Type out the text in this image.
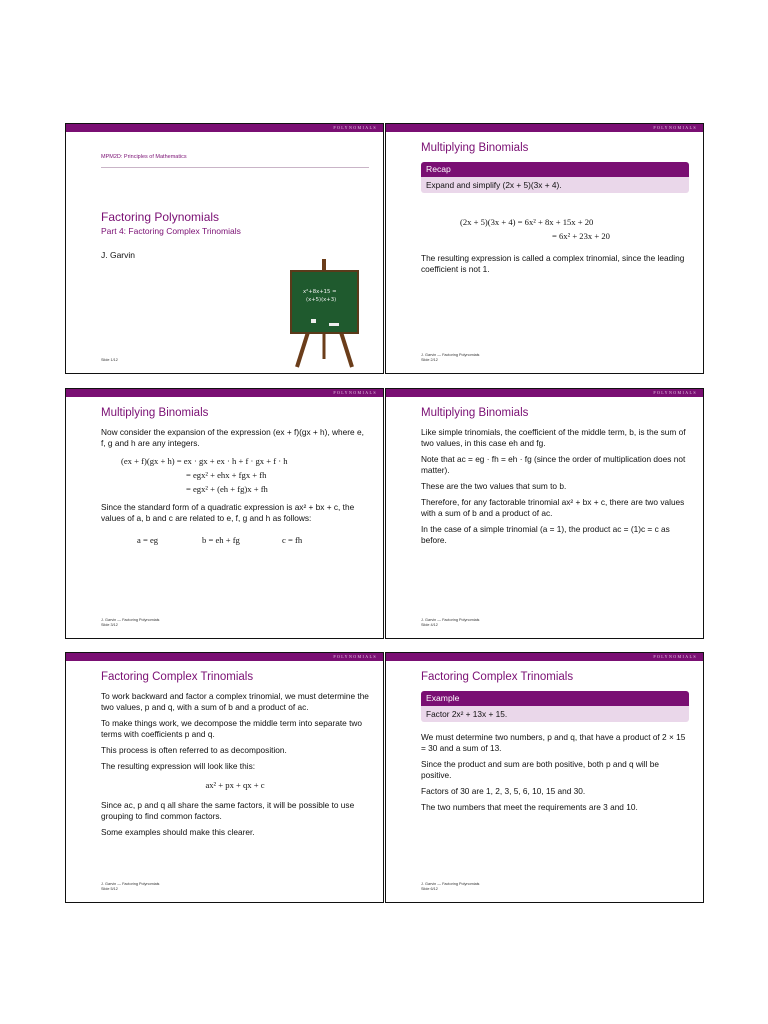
POLYNOMIALS
MPM2D: Principles of Mathematics
Factoring Polynomials
Part 4: Factoring Complex Trinomials
J. Garvin
x²+8x+15 =
(x+5)(x+3)
Slide 1/12
POLYNOMIALS
Multiplying Binomials
Recap
Expand and simplify (2x + 5)(3x + 4).
(2x + 5)(3x + 4) = 6x² + 8x + 15x + 20
= 6x² + 23x + 20

The resulting expression is called a complex trinomial, since the leading coefficient is not 1.

J. Garvin — Factoring Polynomials
Slide 2/12
POLYNOMIALS
Multiplying Binomials

Now consider the expansion of the expression (ex + f)(gx + h), where e, f, g and h are any integers.

(ex + f)(gx + h) = ex · gx + ex · h + f · gx + f · h
= egx² + ehx + fgx + fh
= egx² + (eh + fg)x + fh

Since the standard form of a quadratic expression is ax² + bx + c, the values of a, b and c are related to e, f, g and h as follows:

a = eg	b = eh + fg	c = fh
J. Garvin — Factoring Polynomials
Slide 3/12
POLYNOMIALS
Multiplying Binomials

Like simple trinomials, the coefficient of the middle term, b, is the sum of two values, in this case eh and fg.

Note that ac = eg · fh = eh · fg (since the order of multiplication does not matter).

These are the two values that sum to b.

Therefore, for any factorable trinomial ax² + bx + c, there are two values with a sum of b and a product of ac.

In the case of a simple trinomial (a = 1), the product ac = (1)c = c as before.

J. Garvin — Factoring Polynomials
Slide 4/12
POLYNOMIALS
Factoring Complex Trinomials

To work backward and factor a complex trinomial, we must determine the two values, p and q, with a sum of b and a product of ac.

To make things work, we decompose the middle term into separate two terms with coefficients p and q.

This process is often referred to as decomposition.

The resulting expression will look like this:

ax² + px + qx + c

Since ac, p and q all share the same factors, it will be possible to use grouping to find common factors.

Some examples should make this clearer.

J. Garvin — Factoring Polynomials
Slide 5/12
POLYNOMIALS
Factoring Complex Trinomials
Example
Factor 2x² + 13x + 15.

We must determine two numbers, p and q, that have a product of 2 × 15 = 30 and a sum of 13.

Since the product and sum are both positive, both p and q will be positive.

Factors of 30 are 1, 2, 3, 5, 6, 10, 15 and 30.

The two numbers that meet the requirements are 3 and 10.

J. Garvin — Factoring Polynomials
Slide 6/12
